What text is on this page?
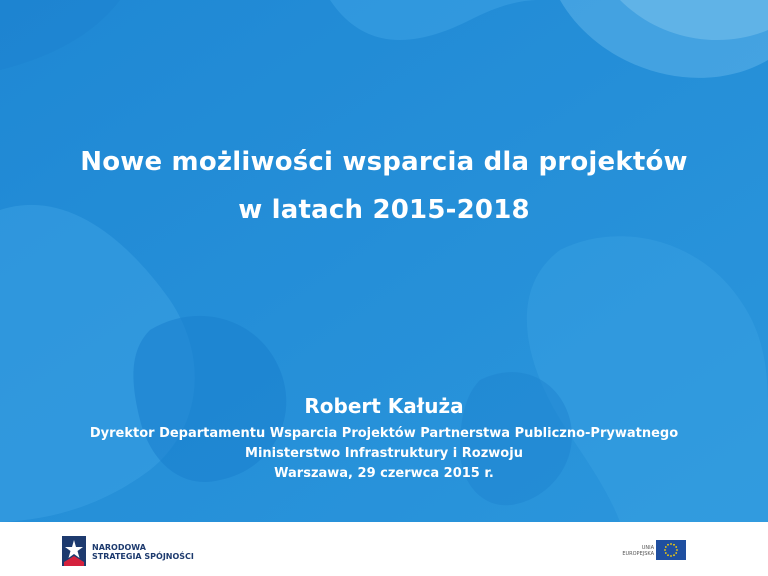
Nowe możliwości wsparcia dla projektów
w latach 2015-2018
Robert Kałuża
Dyrektor Departamentu Wsparcia Projektów Partnerstwa Publiczno-Prywatnego
Ministerstwo Infrastruktury i Rozwoju
Warszawa, 29 czerwca 2015 r.
NARODOWA
STRATEGIA SPÓJNOŚCI
UNIA
EUROPEJSKA
